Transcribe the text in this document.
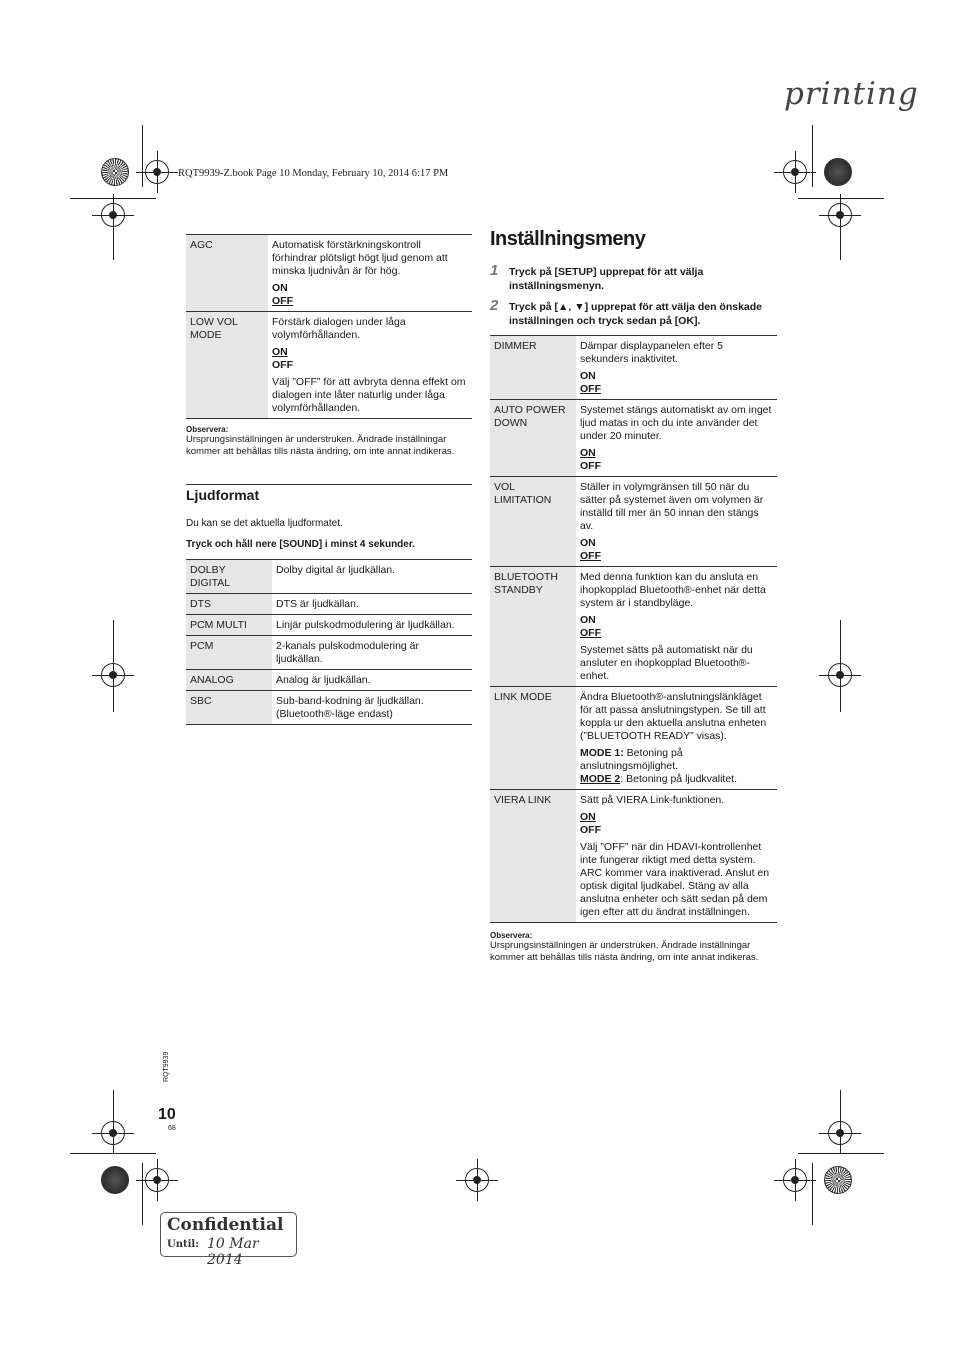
printing
RQT9939-Z.book Page 10 Monday, February 10, 2014 6:17 PM
AGC	Automatisk förstärkningskontroll förhindrar plötsligt högt ljud genom att minska ljudnivån är för hög.
ON
OFF

LOW VOL
MODE	Förstärk dialogen under låga volymförhållanden.
ON
OFF
Välj ”OFF” för att avbryta denna effekt om dialogen inte låter naturlig under låga volymförhållanden.
Observera:
Ursprungsinställningen är understruken. Ändrade inställningar kommer att behållas tills nästa ändring, om inte annat indikeras.
Ljudformat
Du kan se det aktuella ljudformatet.
Tryck och håll nere [SOUND] i minst 4 sekunder.
DOLBY
DIGITAL	Dolby digital är ljudkällan.
DTS	DTS är ljudkällan.
PCM MULTI	Linjär pulskodmodulering är ljudkällan.
PCM	2-kanals pulskodmodulering är ljudkällan.
ANALOG	Analog är ljudkällan.
SBC	Sub-band-kodning är ljudkällan.
(Bluetooth®-läge endast)
Inställningsmeny
1 Tryck på [SETUP] upprepat för att välja inställningsmenyn.
2 Tryck på [▲, ▼] upprepat för att välja den önskade inställningen och tryck sedan på [OK].
DIMMER	Dämpar displaypanelen efter 5 sekunders inaktivitet.
ON
OFF

AUTO POWER
DOWN	Systemet stängs automatiskt av om inget ljud matas in och du inte använder det under 20 minuter.
ON
OFF

VOL
LIMITATION	Ställer in volymgränsen till 50 när du sätter på systemet även om volymen är inställd till mer än 50 innan den stängs av.
ON
OFF

BLUETOOTH
STANDBY	Med denna funktion kan du ansluta en ihopkopplad Bluetooth®-enhet när detta system är i standbyläge.
ON
OFF
Systemet sätts på automatiskt när du ansluter en ihopkopplad Bluetooth®-enhet.
LINK MODE	Ändra Bluetooth®-anslutningslänkläget för att passa anslutningstypen. Se till att koppla ur den aktuella anslutna enheten (”BLUETOOTH READY” visas).
MODE 1: Betoning på anslutningsmöjlighet.
MODE 2: Betoning på ljudkvalitet.
VIERA LINK	Sätt på VIERA Link-funktionen.
ON
OFF
Välj ”OFF” när din HDAVI-kontrollenhet inte fungerar riktigt med detta system. ARC kommer vara inaktiverad. Anslut en optisk digital ljudkabel. Stäng av alla anslutna enheter och sätt sedan på dem igen efter att du ändrat inställningen.
Observera:
Ursprungsinställningen är understruken. Ändrade inställningar kommer att behållas tills nästa ändring, om inte annat indikeras.
RQT9939
10
68
Confidential
Until: 10 Mar 2014
